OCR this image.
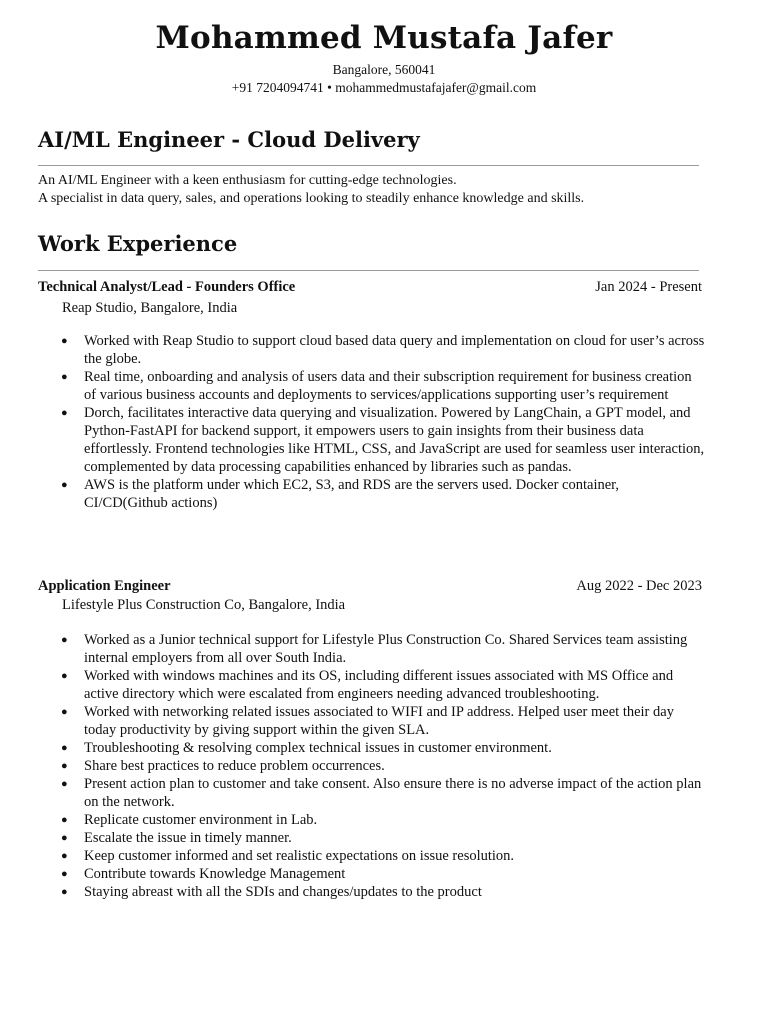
Mohammed Mustafa Jafer
Bangalore, 560041
+91 7204094741 • mohammedmustafajafer@gmail.com
AI/ML Engineer - Cloud Delivery
An AI/ML Engineer with a keen enthusiasm for cutting-edge technologies.
A specialist in data query, sales, and operations looking to steadily enhance knowledge and skills.
Work Experience
Technical Analyst/Lead - Founders Office	Jan 2024 - Present
Reap Studio, Bangalore, India
● Worked with Reap Studio to support cloud based data query and implementation on cloud for user’s across the globe.
● Real time, onboarding and analysis of users data and their subscription requirement for business creation of various business accounts and deployments to services/applications supporting user’s requirement
● Dorch, facilitates interactive data querying and visualization. Powered by LangChain, a GPT model, and Python-FastAPI for backend support, it empowers users to gain insights from their business data effortlessly. Frontend technologies like HTML, CSS, and JavaScript are used for seamless user interaction, complemented by data processing capabilities enhanced by libraries such as pandas.
● AWS is the platform under which EC2, S3, and RDS are the servers used. Docker container, CI/CD(Github actions)
Application Engineer	Aug 2022 - Dec 2023
Lifestyle Plus Construction Co, Bangalore, India
● Worked as a Junior technical support for Lifestyle Plus Construction Co. Shared Services team assisting internal employers from all over South India.
● Worked with windows machines and its OS, including different issues associated with MS Office and active directory which were escalated from engineers needing advanced troubleshooting.
● Worked with networking related issues associated to WIFI and IP address. Helped user meet their day today productivity by giving support within the given SLA.
● Troubleshooting & resolving complex technical issues in customer environment.
● Share best practices to reduce problem occurrences.
● Present action plan to customer and take consent. Also ensure there is no adverse impact of the action plan on the network.
● Replicate customer environment in Lab.
● Escalate the issue in timely manner.
● Keep customer informed and set realistic expectations on issue resolution.
● Contribute towards Knowledge Management
● Staying abreast with all the SDIs and changes/updates to the product
